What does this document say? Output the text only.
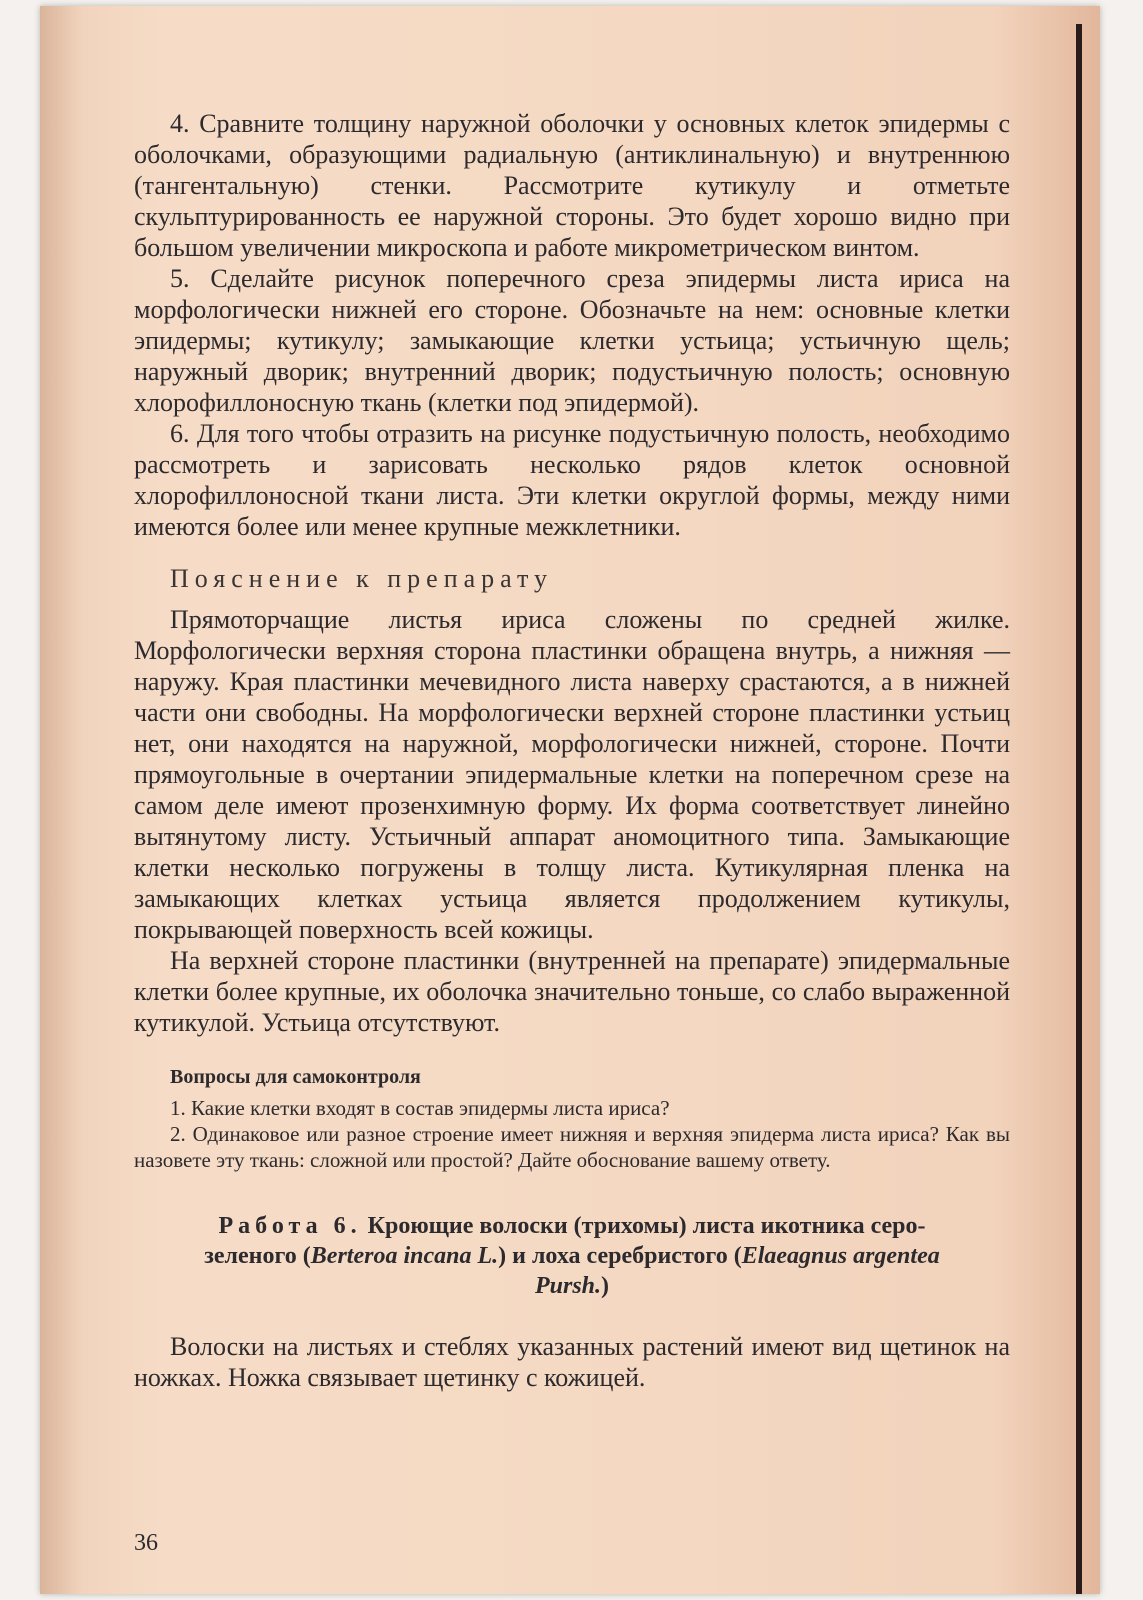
4. Сравните толщину наружной оболочки у основных клеток эпидермы с оболочками, образующими радиальную (антиклинальную) и внутреннюю (тангентальную) стенки. Рассмотрите кутикулу и отметьте скульптурированность ее наружной стороны. Это будет хорошо видно при большом увеличении микроскопа и работе микрометрическом винтом.

5. Сделайте рисунок поперечного среза эпидермы листа ириса на морфологически нижней его стороне. Обозначьте на нем: основные клетки эпидермы; кутикулу; замыкающие клетки устьица; устьичную щель; наружный дворик; внутренний дворик; подустьичную полость; основную хлорофиллоносную ткань (клетки под эпидермой).

6. Для того чтобы отразить на рисунке подустьичную полость, необходимо рассмотреть и зарисовать несколько рядов клеток основной хлорофиллоносной ткани листа. Эти клетки округлой формы, между ними имеются более или менее крупные межклетники.

Пояснение к препарату

Прямоторчащие листья ириса сложены по средней жилке. Морфологически верхняя сторона пластинки обращена внутрь, а нижняя — наружу. Края пластинки мечевидного листа наверху срастаются, а в нижней части они свободны. На морфологически верхней стороне пластинки устьиц нет, они находятся на наружной, морфологически нижней, стороне. Почти прямоугольные в очертании эпидермальные клетки на поперечном срезе на самом деле имеют прозенхимную форму. Их форма соответствует линейно вытянутому листу. Устьичный аппарат аномоцитного типа. Замыкающие клетки несколько погружены в толщу листа. Кутикулярная пленка на замыкающих клетках устьица является продолжением кутикулы, покрывающей поверхность всей кожицы.

На верхней стороне пластинки (внутренней на препарате) эпидермальные клетки более крупные, их оболочка значительно тоньше, со слабо выраженной кутикулой. Устьица отсутствуют.

Вопросы для самоконтроля

1. Какие клетки входят в состав эпидермы листа ириса?

2. Одинаковое или разное строение имеет нижняя и верхняя эпидерма листа ириса? Как вы назовете эту ткань: сложной или простой? Дайте обоснование вашему ответу.

Работа 6. Кроющие волоски (трихомы) листа икотника серо-зеленого (Berteroa incana L.) и лоха серебристого (Elaeagnus argentea Pursh.)

Волоски на листьях и стеблях указанных растений имеют вид щетинок на ножках. Ножка связывает щетинку с кожицей.

36
